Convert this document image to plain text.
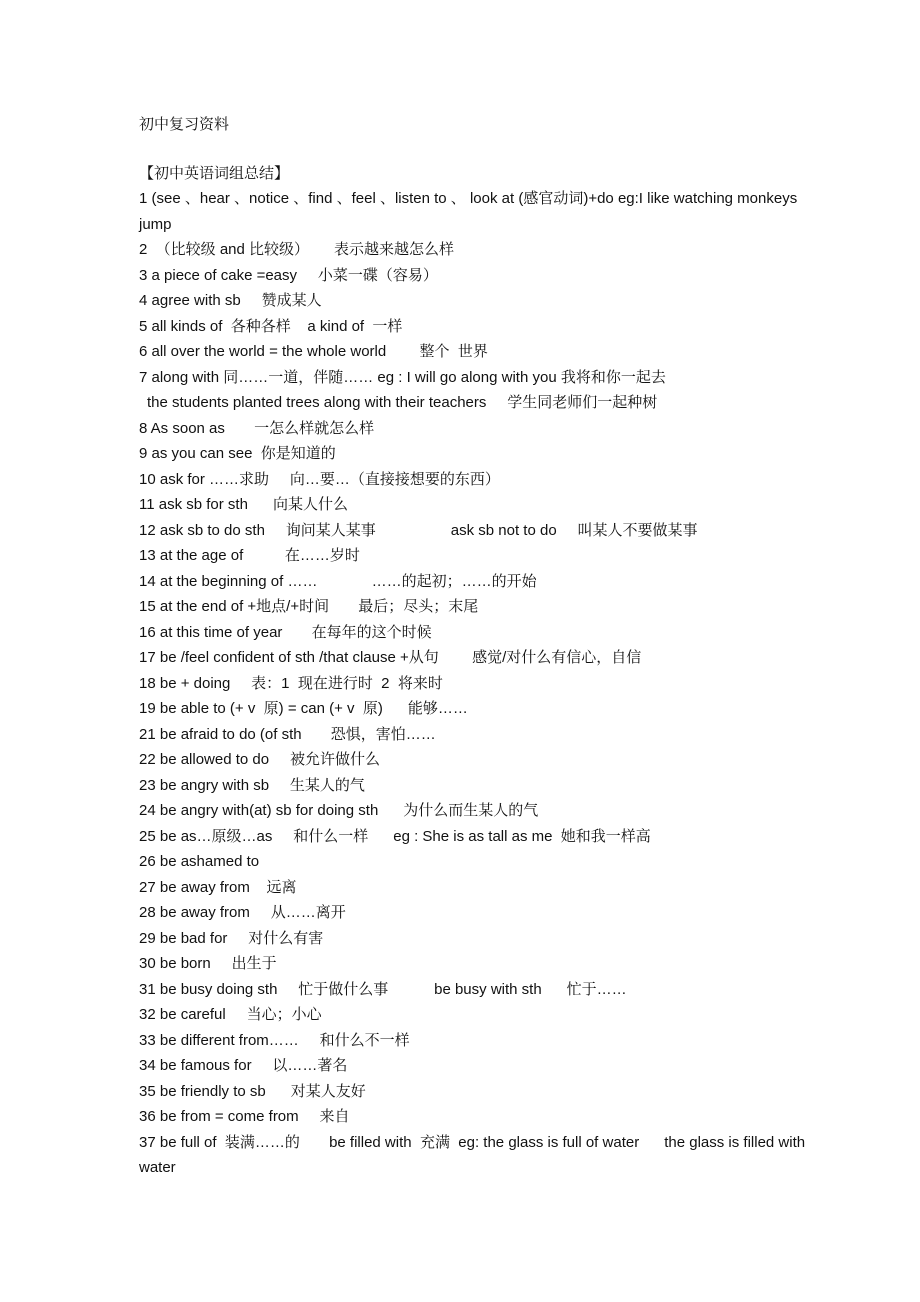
初中复习资料
【初中英语词组总结】
1 (see 、hear 、notice 、find 、feel 、listen to 、 look at (感官动词)+do eg:I like watching monkeys jump
2  （比较级 and 比较级）      表示越来越怎么样
3 a piece of cake =easy     小菜一碟（容易）
4 agree with sb     赞成某人
5 all kinds of  各种各样    a kind of  一样
6 all over the world = the whole world        整个  世界
7 along with 同……一道，伴随…… eg : I will go along with you 我将和你一起去
the students planted trees along with their teachers     学生同老师们一起种树
8 As soon as       一怎么样就怎么样
9 as you can see  你是知道的
10 ask for ……求助     向…要…（直接接想要的东西）
11 ask sb for sth      向某人什么
12 ask sb to do sth     询问某人某事                  ask sb not to do     叫某人不要做某事
13 at the age of          在……岁时
14 at the beginning of ……             ……的起初；……的开始
15 at the end of +地点/+时间       最后；尽头；末尾
16 at this time of year       在每年的这个时候
17 be /feel confident of sth /that clause +从句        感觉/对什么有信心，自信
18 be + doing     表：1  现在进行时  2  将来时
19 be able to (+ v  原) = can (+ v  原)      能够……
21 be afraid to do (of sth       恐惧，害怕……
22 be allowed to do     被允许做什么
23 be angry with sb     生某人的气
24 be angry with(at) sb for doing sth      为什么而生某人的气
25 be as…原级…as     和什么一样      eg : She is as tall as me  她和我一样高
26 be ashamed to
27 be away from    远离
28 be away from     从……离开
29 be bad for     对什么有害
30 be born     出生于
31 be busy doing sth     忙于做什么事           be busy with sth      忙于……
32 be careful     当心；小心
33 be different from……     和什么不一样
34 be famous for     以……著名
35 be friendly to sb      对某人友好
36 be from = come from     来自
37 be full of  装满……的       be filled with  充满  eg: the glass is full of water      the glass is filled with water
